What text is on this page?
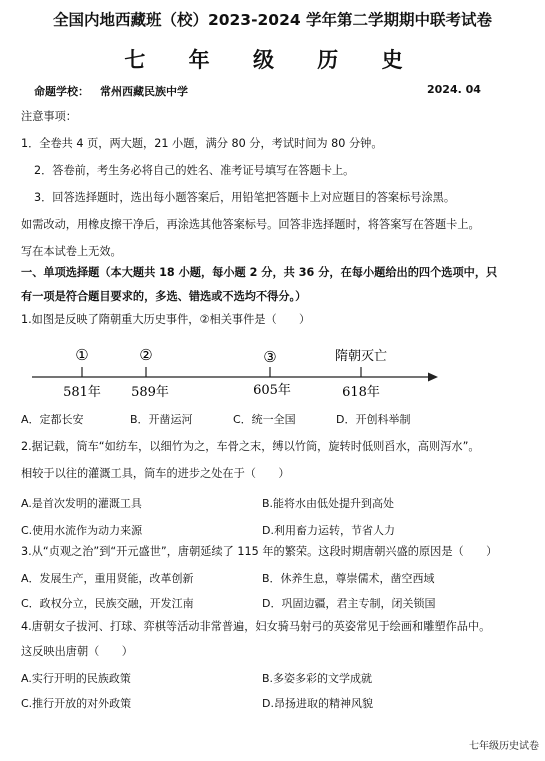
全国内地西藏班（校）2023-2024 学年第二学期期中联考试卷
七 年 级 历 史
命题学校： 常州西藏民族中学	2024. 04
注意事项：
1．全卷共 4 页，两大题，21 小题，满分 80 分，考试时间为 80 分钟。
2．答卷前，考生务必将自己的姓名、准考证号填写在答题卡上。
3．回答选择题时，选出每小题答案后，用铅笔把答题卡上对应题目的答案标号涂黑。
如需改动，用橡皮擦干净后，再涂选其他答案标号。回答非选择题时，将答案写在答题卡上。
写在本试卷上无效。
一、单项选择题（本大题共 18 小题，每小题 2 分，共 36 分，在每小题给出的四个选项中，只
有一项是符合题目要求的，多选、错选或不选均不得分。）
1.如图是反映了隋朝重大历史事件，②相关事件是（　　）
①	②	③	隋朝灭亡
581年 589年	605年	618年
A．定都长安	B．开凿运河	C．统一全国	D．开创科举制
2.据记载，筒车“如纺车，以细竹为之，车骨之末，缚以竹筒，旋转时低则舀水，高则泻水”。
相较于以往的灌溉工具，筒车的进步之处在于（　　）
A.是首次发明的灌溉工具	B.能将水由低处提升到高处
C.使用水流作为动力来源	D.利用畜力运转，节省人力
3.从“贞观之治”到“开元盛世”，唐朝延续了 115 年的繁荣。这段时期唐朝兴盛的原因是（　　）
A．发展生产，重用贤能，改革创新	B．休养生息，尊崇儒术，凿空西域
C．政权分立，民族交融，开发江南	D．巩固边疆，君主专制，闭关锁国
4.唐朝女子拔河、打球、弈棋等活动非常普遍，妇女骑马射弓的英姿常见于绘画和雕塑作品中。
这反映出唐朝（　　）
A.实行开明的民族政策	B.多姿多彩的文学成就
C.推行开放的对外政策	D.昂扬进取的精神风貌
七年级历史试卷
